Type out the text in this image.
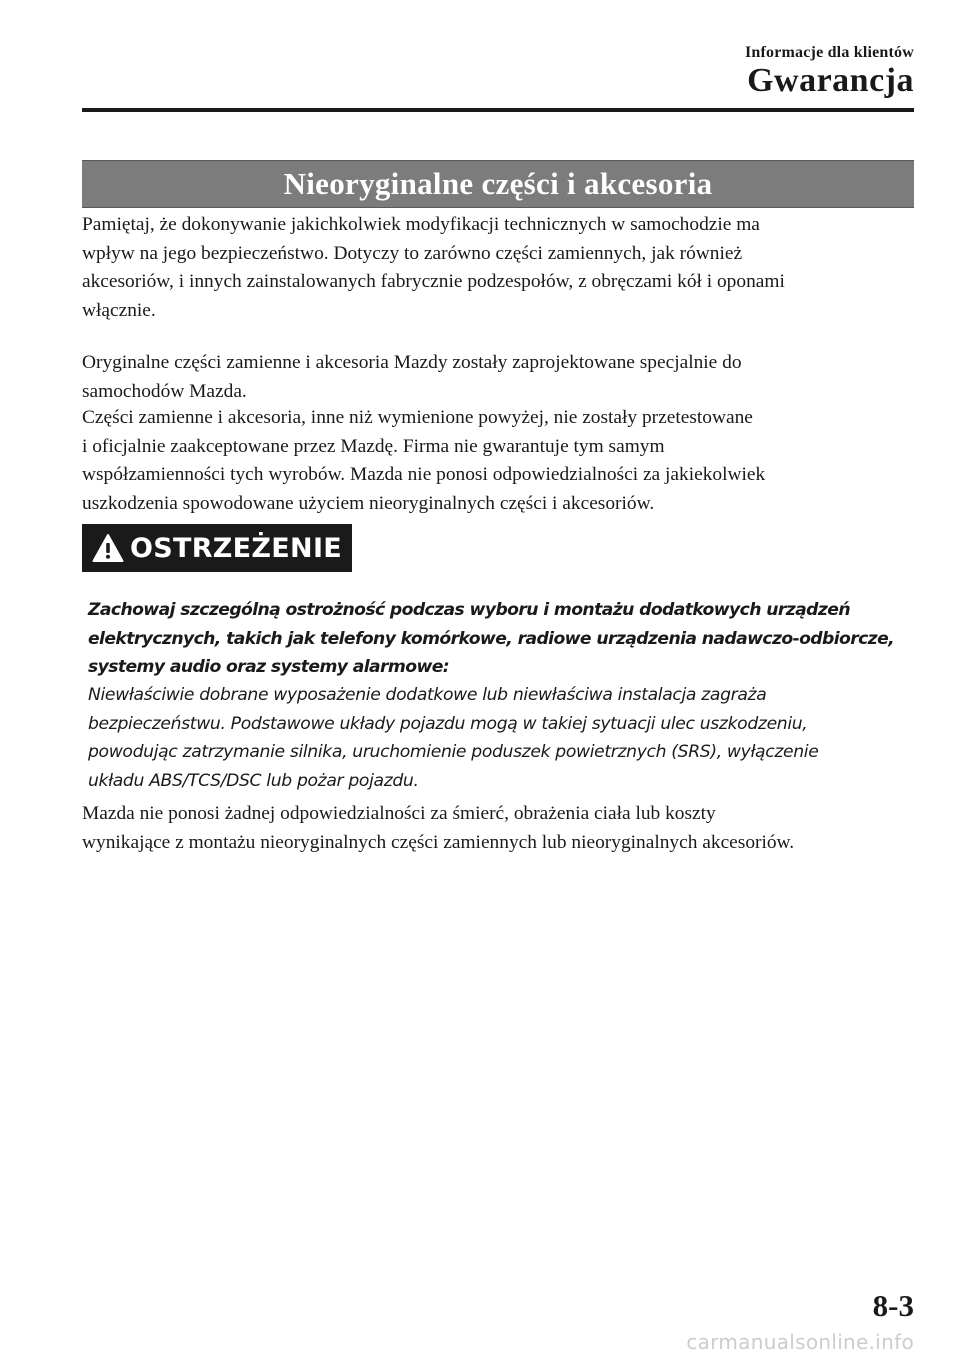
Informacje dla klientów
Gwarancja
Nieoryginalne części i akcesoria
Pamiętaj, że dokonywanie jakichkolwiek modyfikacji technicznych w samochodzie ma
wpływ na jego bezpieczeństwo. Dotyczy to zarówno części zamiennych, jak również
akcesoriów, i innych zainstalowanych fabrycznie podzespołów, z obręczami kół i oponami
włącznie.
Oryginalne części zamienne i akcesoria Mazdy zostały zaprojektowane specjalnie do
samochodów Mazda.
Części zamienne i akcesoria, inne niż wymienione powyżej, nie zostały przetestowane
i oficjalnie zaakceptowane przez Mazdę. Firma nie gwarantuje tym samym
współzamienności tych wyrobów. Mazda nie ponosi odpowiedzialności za jakiekolwiek
uszkodzenia spowodowane użyciem nieoryginalnych części i akcesoriów.
OSTRZEŻENIE
Zachowaj szczególną ostrożność podczas wyboru i montażu dodatkowych urządzeń
elektrycznych, takich jak telefony komórkowe, radiowe urządzenia nadawczo-odbiorcze,
systemy audio oraz systemy alarmowe:
Niewłaściwie dobrane wyposażenie dodatkowe lub niewłaściwa instalacja zagraża
bezpieczeństwu. Podstawowe układy pojazdu mogą w takiej sytuacji ulec uszkodzeniu,
powodując zatrzymanie silnika, uruchomienie poduszek powietrznych (SRS), wyłączenie
układu ABS/TCS/DSC lub pożar pojazdu.
Mazda nie ponosi żadnej odpowiedzialności za śmierć, obrażenia ciała lub koszty
wynikające z montażu nieoryginalnych części zamiennych lub nieoryginalnych akcesoriów.
8-3
carmanualsonline.info
